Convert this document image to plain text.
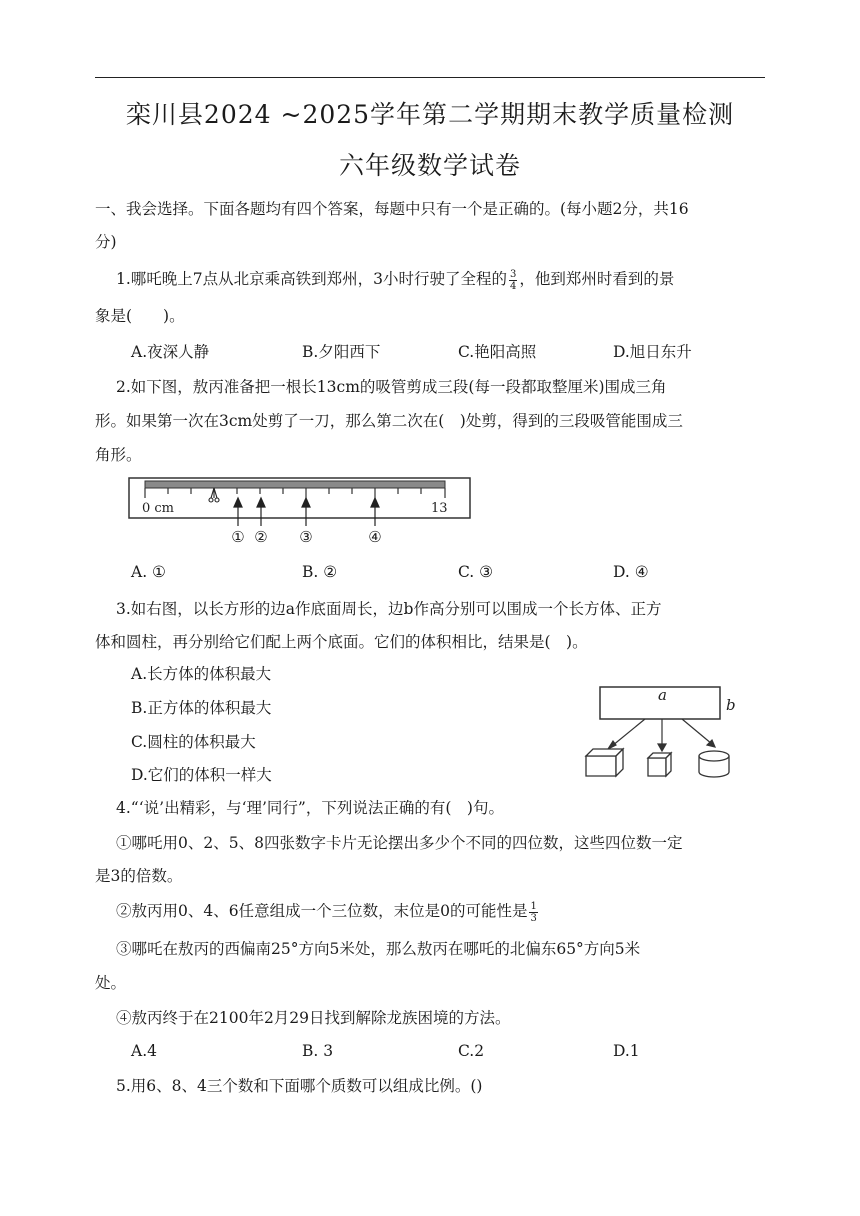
栾川县2024 ~2025学年第二学期期末教学质量检测
六年级数学试卷
一、我会选择。下面各题均有四个答案，每题中只有一个是正确的。(每小题2分，共16
分)
1.哪吒晚上7点从北京乘高铁到郑州，3小时行驶了全程的 $\frac{3}{4}$ ，他到郑州时看到的景
象是(　　)。
A.夜深人静	B.夕阳西下	C.艳阳高照	D.旭日东升
2.如下图，敖丙准备把一根长13cm的吸管剪成三段(每一段都取整厘米)围成三角
形。如果第一次在3cm处剪了一刀，那么第二次在(　)处剪，得到的三段吸管能围成三
角形。
0 cm	13
① ② ③	④
A. ①	B. ②	C. ③	D. ④
3.如右图，以长方形的边a作底面周长，边b作高分别可以围成一个长方体、正方
体和圆柱，再分别给它们配上两个底面。它们的体积相比，结果是(　)。
A.长方体的体积最大
B.正方体的体积最大
C.圆柱的体积最大
D.它们的体积一样大
a
b
4.“‘说’出精彩，与‘理’同行”，下列说法正确的有(　)句。
①哪吒用0、2、5、8四张数字卡片无论摆出多少个不同的四位数，这些四位数一定
是3的倍数。
②敖丙用0、4、6任意组成一个三位数，末位是0的可能性是 $\frac{1}{3}$
③哪吒在敖丙的西偏南25°方向5米处，那么敖丙在哪吒的北偏东65°方向5米
处。
④敖丙终于在2100年2月29日找到解除龙族困境的方法。
A.4	B. 3	C.2	D.1
5.用6、8、4三个数和下面哪个质数可以组成比例。()
